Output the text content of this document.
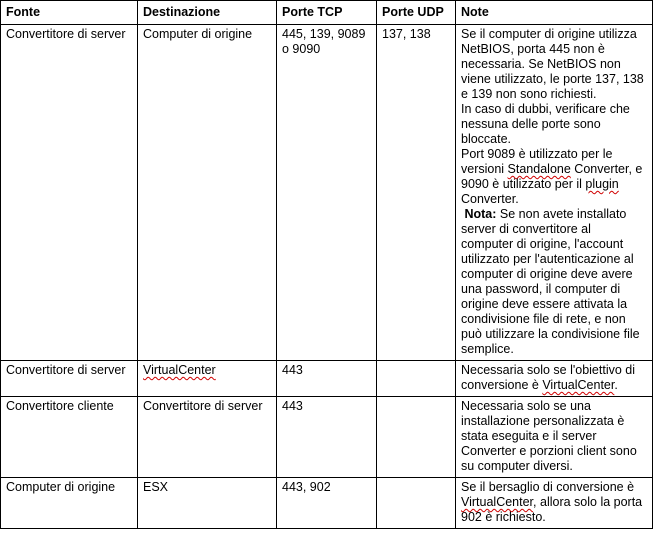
Fonte	Destinazione	Porte TCP	Porte UDP	Note
Convertitore di server	Computer di origine	445, 139, 9089 o 9090	137, 138	Se il computer di origine utilizza NetBIOS, porta 445 non è necessaria. Se NetBIOS non viene utilizzato, le porte 137, 138 e 139 non sono richiesti.
In caso di dubbi, verificare che nessuna delle porte sono bloccate.
Port 9089 è utilizzato per le versioni Standalone Converter, e 9090 è utilizzato per il plugin Converter.
Nota: Se non avete installato server di convertitore al computer di origine, l'account utilizzato per l'autenticazione al computer di origine deve avere una password, il computer di origine deve essere attivata la condivisione file di rete, e non può utilizzare la condivisione file semplice.

Convertitore di server	VirtualCenter	443		Necessaria solo se l'obiettivo di conversione è VirtualCenter.
Convertitore cliente	Convertitore di server	443		Necessaria solo se una installazione personalizzata è stata eseguita e il server Converter e porzioni client sono su computer diversi.
Computer di origine	ESX	443, 902		Se il bersaglio di conversione è VirtualCenter, allora solo la porta 902 è richiesto.
